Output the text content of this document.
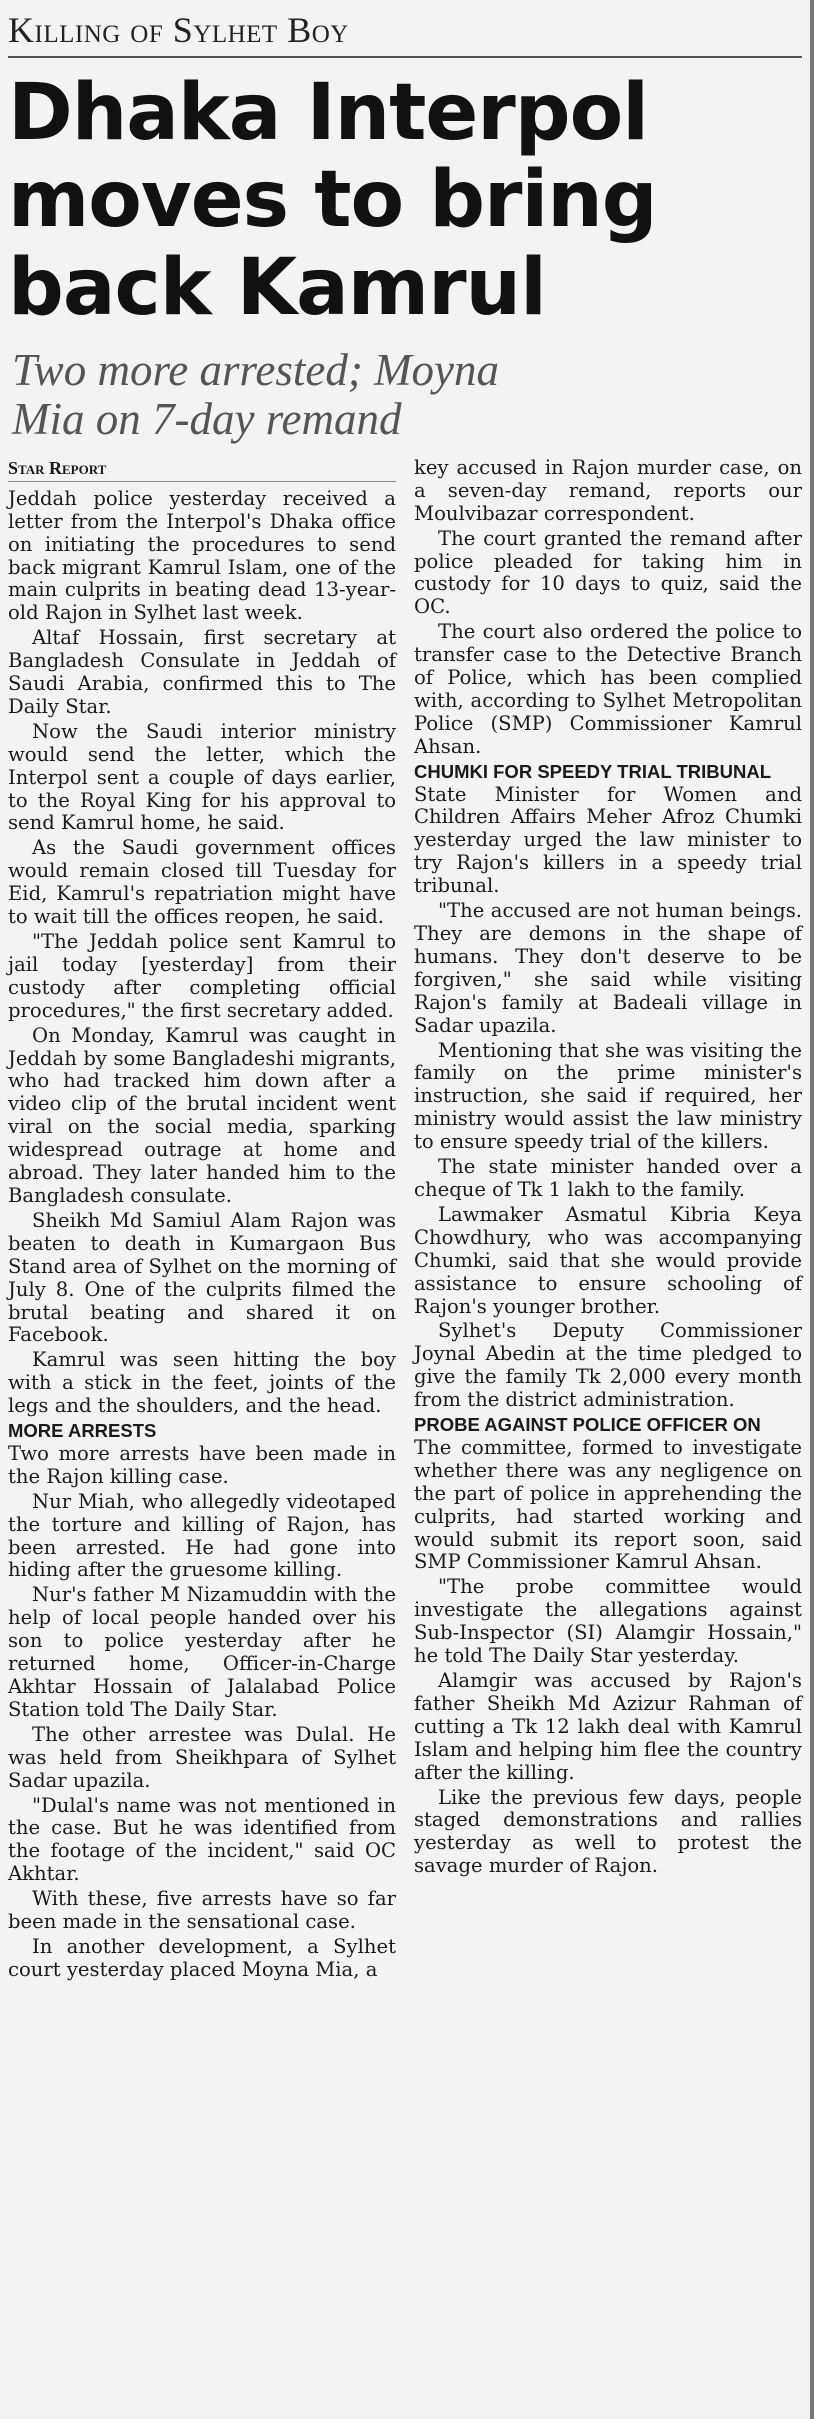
Killing of Sylhet Boy
Dhaka Interpol
moves to bring
back Kamrul
Two more arrested; Moyna
Mia on 7-day remand
Star Report

Jeddah police yesterday received a letter from the Interpol's Dhaka office on initiating the procedures to send back migrant Kamrul Islam, one of the main culprits in beating dead 13-year-old Rajon in Sylhet last week.

Altaf Hossain, first secretary at Bangladesh Consulate in Jeddah of Saudi Arabia, confirmed this to The Daily Star.

Now the Saudi interior ministry would send the letter, which the Interpol sent a couple of days earlier, to the Royal King for his approval to send Kamrul home, he said.

As the Saudi government offices would remain closed till Tuesday for Eid, Kamrul's repatriation might have to wait till the offices reopen, he said.

"The Jeddah police sent Kamrul to jail today [yesterday] from their custody after completing official procedures," the first secretary added.

On Monday, Kamrul was caught in Jeddah by some Bangladeshi migrants, who had tracked him down after a video clip of the brutal incident went viral on the social media, sparking widespread outrage at home and abroad. They later handed him to the Bangladesh consulate.

Sheikh Md Samiul Alam Rajon was beaten to death in Kumargaon Bus Stand area of Sylhet on the morning of July 8. One of the culprits filmed the brutal beating and shared it on Facebook.

Kamrul was seen hitting the boy with a stick in the feet, joints of the legs and the shoulders, and the head.

MORE ARRESTS

Two more arrests have been made in the Rajon killing case.

Nur Miah, who allegedly videotaped the torture and killing of Rajon, has been arrested. He had gone into hiding after the gruesome killing.

Nur's father M Nizamuddin with the help of local people handed over his son to police yesterday after he returned home, Officer-in-Charge Akhtar Hossain of Jalalabad Police Station told The Daily Star.

The other arrestee was Dulal. He was held from Sheikhpara of Sylhet Sadar upazila.

"Dulal's name was not mentioned in the case. But he was identified from the footage of the incident," said OC Akhtar.

With these, five arrests have so far been made in the sensational case.

In another development, a Sylhet court yesterday placed Moyna Mia, a

key accused in Rajon murder case, on a seven-day remand, reports our Moulvibazar correspondent.

The court granted the remand after police pleaded for taking him in custody for 10 days to quiz, said the OC.

The court also ordered the police to transfer case to the Detective Branch of Police, which has been complied with, according to Sylhet Metropolitan Police (SMP) Commissioner Kamrul Ahsan.

CHUMKI FOR SPEEDY TRIAL TRIBUNAL

State Minister for Women and Children Affairs Meher Afroz Chumki yesterday urged the law minister to try Rajon's killers in a speedy trial tribunal.

"The accused are not human beings. They are demons in the shape of humans. They don't deserve to be forgiven," she said while visiting Rajon's family at Badeali village in Sadar upazila.

Mentioning that she was visiting the family on the prime minister's instruction, she said if required, her ministry would assist the law ministry to ensure speedy trial of the killers.

The state minister handed over a cheque of Tk 1 lakh to the family.

Lawmaker Asmatul Kibria Keya Chowdhury, who was accompanying Chumki, said that she would provide assistance to ensure schooling of Rajon's younger brother.

Sylhet's Deputy Commissioner Joynal Abedin at the time pledged to give the family Tk 2,000 every month from the district administration.

PROBE AGAINST POLICE OFFICER ON

The committee, formed to investigate whether there was any negligence on the part of police in apprehending the culprits, had started working and would submit its report soon, said SMP Commissioner Kamrul Ahsan.

"The probe committee would investigate the allegations against Sub-Inspector (SI) Alamgir Hossain," he told The Daily Star yesterday.

Alamgir was accused by Rajon's father Sheikh Md Azizur Rahman of cutting a Tk 12 lakh deal with Kamrul Islam and helping him flee the country after the killing.

Like the previous few days, people staged demonstrations and rallies yesterday as well to protest the savage murder of Rajon.
